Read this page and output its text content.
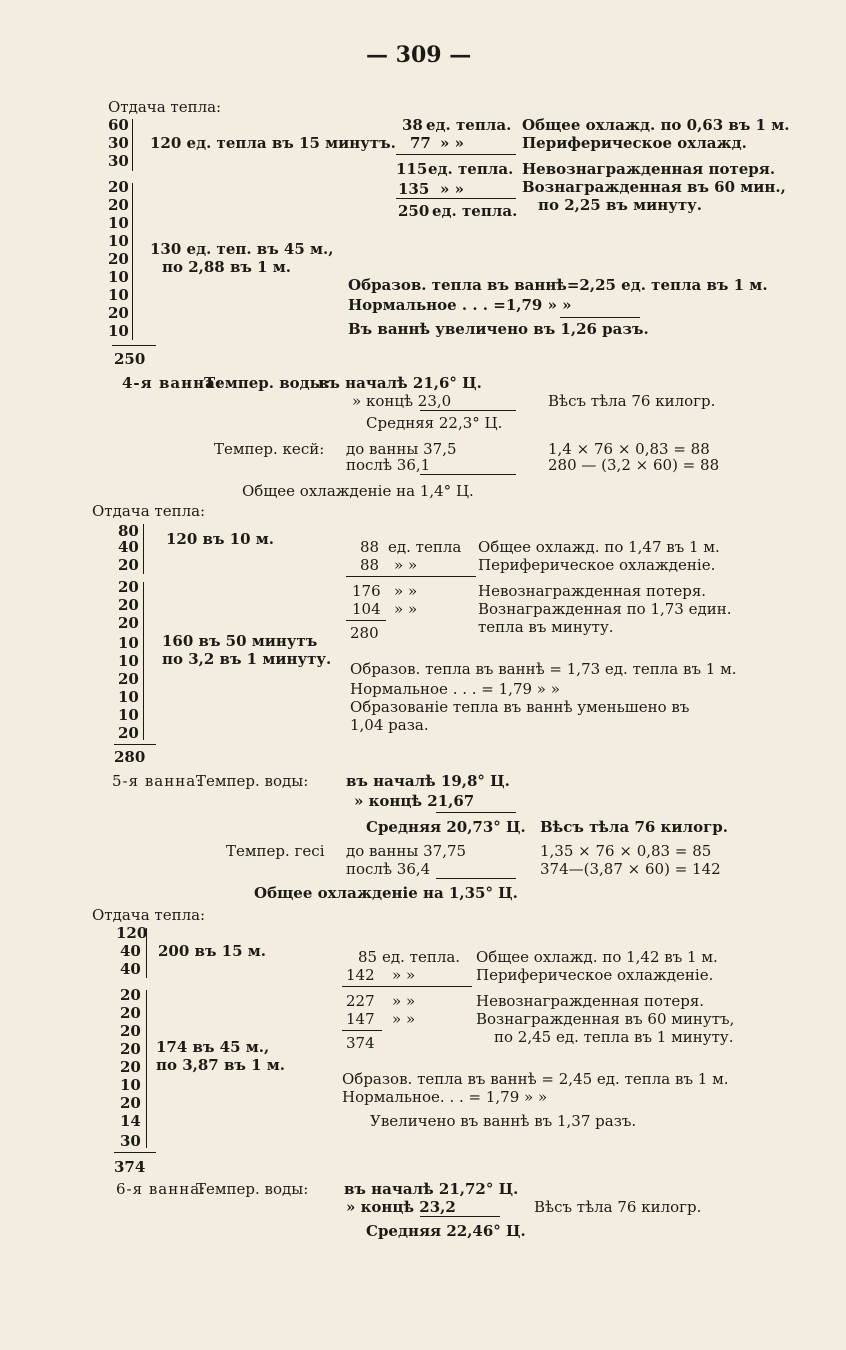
— 309 —
Отдача тепла:
60
30
30
20
20
10
10
20
10
10
20
10
250
120 ед. тепла въ 15 минутъ.
130 ед. теп. въ 45 м.,
по 2,88 въ 1 м.
38 ед. тепла. Общее охлажд. по 0,63 въ 1 м.
77 » »	Периферическое охлажд.
115 ед. тепла. Невознагражденная потеря.
135 » »	Вознагражденная въ 60 мин.,
250 ед. тепла. по 2,25 въ минуту.
Образов. тепла въ ваннѣ=2,25 ед. тепла въ 1 м.
Нормальное . . . =1,79 » »
Въ ваннѣ увеличено въ 1,26 разъ.
4-я ванна:
Темпер. воды:
въ началѣ 21,6° Ц.
» концѣ 23,0	Вѣсъ тѣла 76 килогр.
Средняя 22,3° Ц.
Темпер. кесй: до ванны 37,5
послѣ 36,1
1,4 × 76 × 0,83 = 88
280 — (3,2 × 60) = 88
Общее охлажденіе на 1,4° Ц.
Отдача тепла:
80
40
20
20
20
20
10
10
20
10
10
20
280
120 въ 10 м.
160 въ 50 минутъ
по 3,2 въ 1 минуту.
88 ед. тепла Общее охлажд. по 1,47 въ 1 м.
88 » »	Периферическое охлажденіе.
176 » »	Невознагражденная потеря.
104 » »	Вознагражденная по 1,73 един.
280	тепла въ минуту.
Образов. тепла въ ваннѣ = 1,73 ед. тепла въ 1 м.
Нормальное . . . = 1,79 » »
Образованіе тепла въ ваннѣ уменьшено въ
1,04 раза.
5-я ванна:
Темпер. воды:	въ началѣ 19,8° Ц.
» концѣ 21,67
Средняя 20,73° Ц. Вѣсъ тѣла 76 килогр.
Темпер. гесі до ванны 37,75
послѣ 36,4
1,35 × 76 × 0,83 = 85
374—(3,87 × 60) = 142
Общее охлажденіе на 1,35° Ц.
Отдача тепла:
120
40
40
20
20
20
20
20
10
20
14
30
374
200 въ 15 м.
174 въ 45 м.,
по 3,87 въ 1 м.
85 ед. тепла. Общее охлажд. по 1,42 въ 1 м.
142 » »	Периферическое охлажденіе.
227 » »	Невознагражденная потеря.
147 » »	Вознагражденная въ 60 минутъ,
374	по 2,45 ед. тепла въ 1 минуту.
Образов. тепла въ ваннѣ = 2,45 ед. тепла въ 1 м.
Нормальное. . . = 1,79 » »
Увеличено въ ваннѣ въ 1,37 разъ.
6-я ванна:
Темпер. воды: въ началѣ 21,72° Ц.
» концѣ 23,2	Вѣсъ тѣла 76 килогр.
Средняя 22,46° Ц.
